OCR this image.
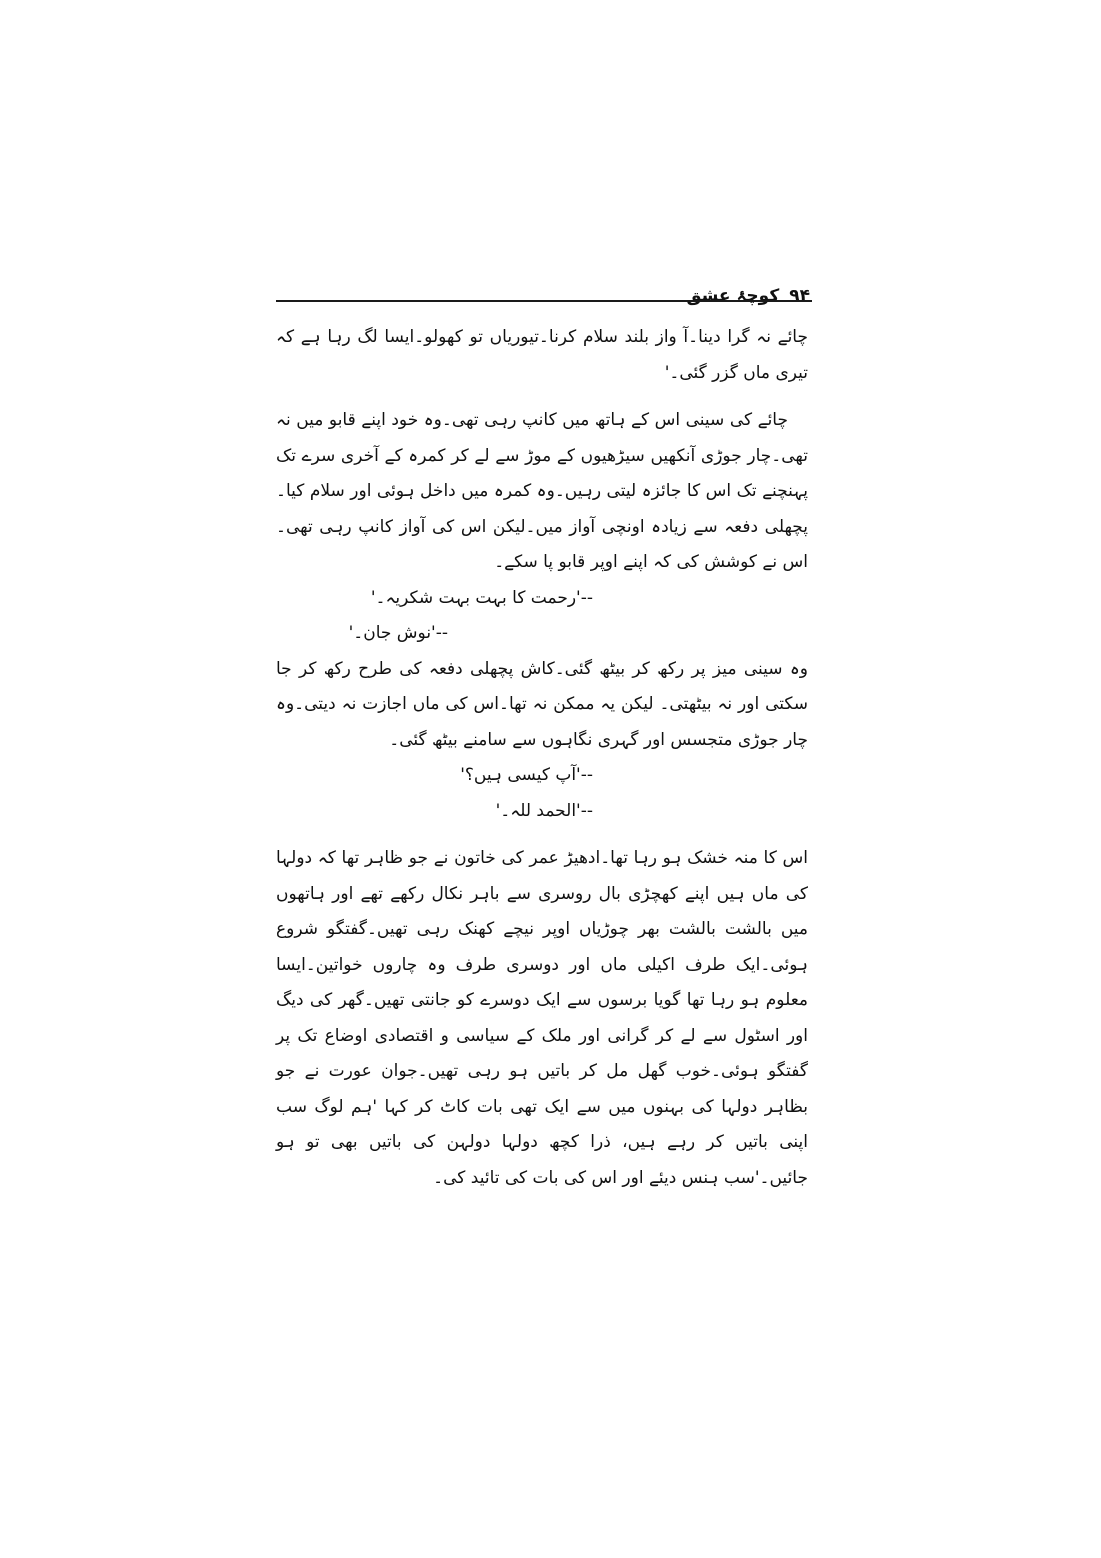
۹۴
کوچۂ عشق

چائے نہ گرا دینا۔آ واز بلند سلام کرنا۔تیوریاں تو کھولو۔ایسا لگ رہا ہے کہ تیری ماں گزر گئی۔'

چائے کی سینی اس کے ہاتھ میں کانپ رہی تھی۔وہ خود اپنے قابو میں نہ تھی۔چار جوڑی آنکھیں سیڑھیوں کے موڑ سے لے کر کمرہ کے آخری سرے تک پہنچنے تک اس کا جائزہ لیتی رہیں۔وہ کمرہ میں داخل ہوئی اور سلام کیا۔پچھلی دفعہ سے زیادہ اونچی آواز میں۔لیکن اس کی آواز کانپ رہی تھی۔اس نے کوشش کی کہ اپنے اوپر قابو پا سکے۔

--'رحمت کا بہت بہت شکریہ۔'

--'نوش جان۔'

وہ سینی میز پر رکھ کر بیٹھ گئی۔کاش پچھلی دفعہ کی طرح رکھ کر جا سکتی اور نہ بیٹھتی۔ لیکن یہ ممکن نہ تھا۔اس کی ماں اجازت نہ دیتی۔وہ چار جوڑی متجسس اور گہری نگاہوں سے سامنے بیٹھ گئی۔

--'آپ کیسی ہیں؟'

--'الحمد للہ۔'

اس کا منہ خشک ہو رہا تھا۔ادھیڑ عمر کی خاتون نے جو ظاہر تھا کہ دولہا کی ماں ہیں اپنے کھچڑی بال روسری سے باہر نکال رکھے تھے اور ہاتھوں میں بالشت بالشت بھر چوڑیاں اوپر نیچے کھنک رہی تھیں۔گفتگو شروع ہوئی۔ایک طرف اکیلی ماں اور دوسری طرف وہ چاروں خواتین۔ایسا معلوم ہو رہا تھا گویا برسوں سے ایک دوسرے کو جانتی تھیں۔گھر کی دیگ اور اسٹول سے لے کر گرانی اور ملک کے سیاسی و اقتصادی اوضاع تک پر گفتگو ہوئی۔خوب گھل مل کر باتیں ہو رہی تھیں۔جوان عورت نے جو بظاہر دولہا کی بہنوں میں سے ایک تھی بات کاٹ کر کہا 'ہم لوگ سب اپنی باتیں کر رہے ہیں، ذرا کچھ دولہا دولہن کی باتیں بھی تو ہو جائیں۔'سب ہنس دیئے اور اس کی بات کی تائید کی۔
